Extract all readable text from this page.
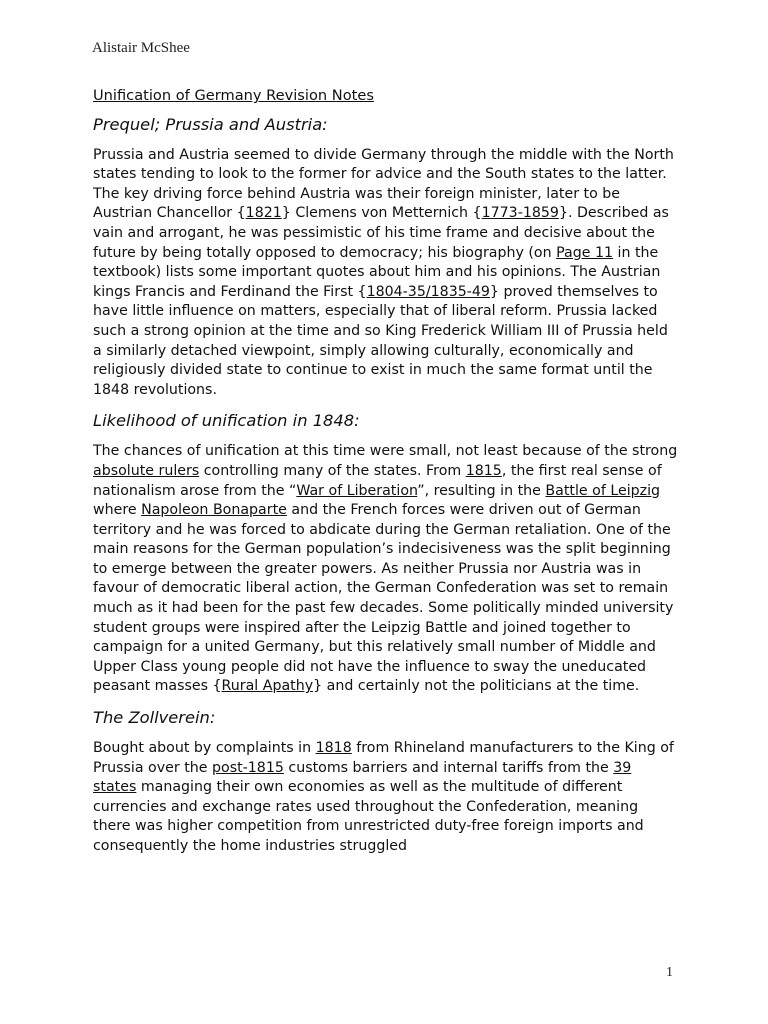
Alistair McShee
Unification of Germany Revision Notes
Prequel; Prussia and Austria:

Prussia and Austria seemed to divide Germany through the middle with the North states tending to look to the former for advice and the South states to the latter. The key driving force behind Austria was their foreign minister, later to be Austrian Chancellor {1821} Clemens von Metternich {1773-1859}. Described as vain and arrogant, he was pessimistic of his time frame and decisive about the future by being totally opposed to democracy; his biography (on Page 11 in the textbook) lists some important quotes about him and his opinions. The Austrian kings Francis and Ferdinand the First {1804-35/1835-49} proved themselves to have little influence on matters, especially that of liberal reform. Prussia lacked such a strong opinion at the time and so King Frederick William III of Prussia held a similarly detached viewpoint, simply allowing culturally, economically and religiously divided state to continue to exist in much the same format until the 1848 revolutions.

Likelihood of unification in 1848:

The chances of unification at this time were small, not least because of the strong absolute rulers controlling many of the states. From 1815, the first real sense of nationalism arose from the “War of Liberation”, resulting in the Battle of Leipzig where Napoleon Bonaparte and the French forces were driven out of German territory and he was forced to abdicate during the German retaliation. One of the main reasons for the German population’s indecisiveness was the split beginning to emerge between the greater powers. As neither Prussia nor Austria was in favour of democratic liberal action, the German Confederation was set to remain much as it had been for the past few decades. Some politically minded university student groups were inspired after the Leipzig Battle and joined together to campaign for a united Germany, but this relatively small number of Middle and Upper Class young people did not have the influence to sway the uneducated peasant masses {Rural Apathy} and certainly not the politicians at the time.

The Zollverein:

Bought about by complaints in 1818 from Rhineland manufacturers to the King of Prussia over the post-1815 customs barriers and internal tariffs from the 39 states managing their own economies as well as the multitude of different currencies and exchange rates used throughout the Confederation, meaning there was higher competition from unrestricted duty-free foreign imports and consequently the home industries struggled

1
